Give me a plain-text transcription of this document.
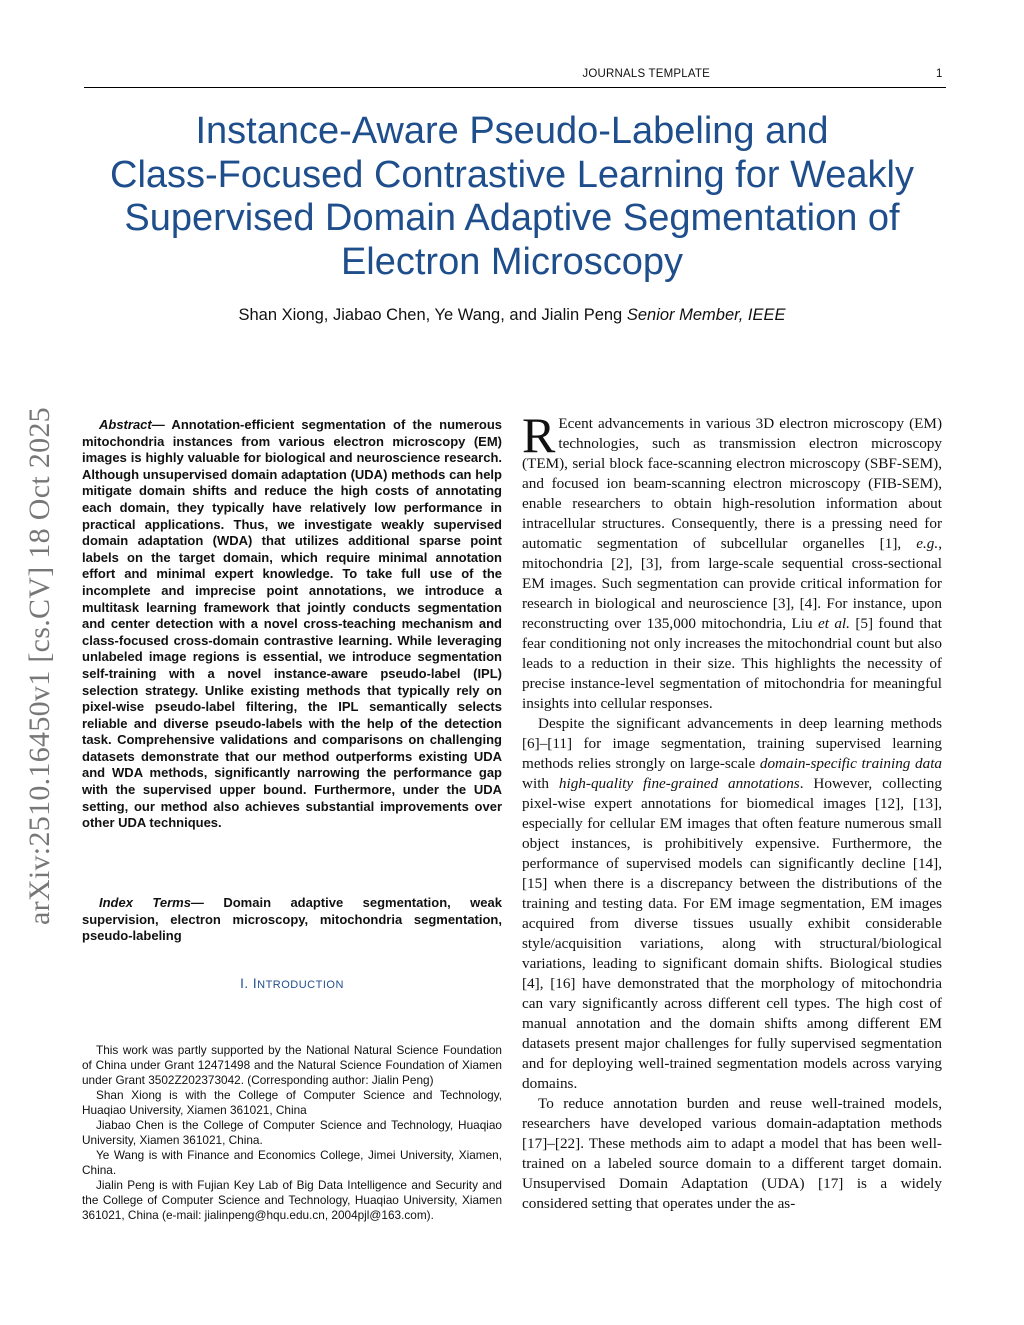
JOURNALS TEMPLATE	1
Instance-Aware Pseudo-Labeling and
Class-Focused Contrastive Learning for Weakly
Supervised Domain Adaptive Segmentation of
Electron Microscopy
Shan Xiong, Jiabao Chen, Ye Wang, and Jialin Peng Senior Member, IEEE
arXiv:2510.16450v1 [cs.CV] 18 Oct 2025	Abstract— Annotation-efficient segmentation of the numerous mitochondria instances from various electron microscopy (EM) images is highly valuable for biological and neuroscience research. Although unsupervised domain adaptation (UDA) methods can help mitigate domain shifts and reduce the high costs of annotating each domain, they typically have relatively low performance in practical applications. Thus, we investigate weakly supervised domain adaptation (WDA) that utilizes additional sparse point labels on the target domain, which require minimal annotation effort and minimal expert knowledge. To take full use of the incomplete and imprecise point annotations, we introduce a multitask learning framework that jointly conducts segmentation and center detection with a novel cross-teaching mechanism and class-focused cross-domain contrastive learning. While leveraging unlabeled image regions is essential, we introduce segmentation self-training with a novel instance-aware pseudo-label (IPL) selection strategy. Unlike existing methods that typically rely on pixel-wise pseudo-label filtering, the IPL semantically selects reliable and diverse pseudo-labels with the help of the detection task. Comprehensive validations and comparisons on challenging datasets demonstrate that our method outperforms existing UDA and WDA methods, significantly narrowing the performance gap with the supervised upper bound. Furthermore, under the UDA setting, our method also achieves substantial improvements over other UDA techniques.

Index Terms— Domain adaptive segmentation, weak supervision, electron microscopy, mitochondria segmentation, pseudo-labeling

I. INTRODUCTION

This work was partly supported by the National Natural Science Foundation of China under Grant 12471498 and the Natural Science Foundation of Xiamen under Grant 3502Z202373042. (Corresponding author: Jialin Peng)

Shan Xiong is with the College of Computer Science and Technology, Huaqiao University, Xiamen 361021, China

Jiabao Chen is the College of Computer Science and Technology, Huaqiao University, Xiamen 361021, China.

Ye Wang is with Finance and Economics College, Jimei University, Xiamen, China.

Jialin Peng is with Fujian Key Lab of Big Data Intelligence and Security and the College of Computer Science and Technology, Huaqiao University, Xiamen 361021, China (e-mail: jialinpeng@hqu.edu.cn, 2004pjl@163.com).

R Ecent advancements in various 3D electron microscopy (EM) technologies, such as transmission electron microscopy (TEM), serial block face-scanning electron microscopy (SBF-SEM), and focused ion beam-scanning electron microscopy (FIB-SEM), enable researchers to obtain high-resolution information about intracellular structures. Consequently, there is a pressing need for automatic segmentation of subcellular organelles [1], e.g., mitochondria [2], [3], from large-scale sequential cross-sectional EM images. Such segmentation can provide critical information for research in biological and neuroscience [3], [4]. For instance, upon reconstructing over 135,000 mitochondria, Liu et al. [5] found that fear conditioning not only increases the mitochondrial count but also leads to a reduction in their size. This highlights the necessity of precise instance-level segmentation of mitochondria for meaningful insights into cellular responses.

Despite the significant advancements in deep learning methods [6]–[11] for image segmentation, training supervised learning methods relies strongly on large-scale domain-specific training data with high-quality fine-grained annotations. However, collecting pixel-wise expert annotations for biomedical images [12], [13], especially for cellular EM images that often feature numerous small object instances, is prohibitively expensive. Furthermore, the performance of supervised models can significantly decline [14], [15] when there is a discrepancy between the distributions of the training and testing data. For EM image segmentation, EM images acquired from diverse tissues usually exhibit considerable style/acquisition variations, along with structural/biological variations, leading to significant domain shifts. Biological studies [4], [16] have demonstrated that the morphology of mitochondria can vary significantly across different cell types. The high cost of manual annotation and the domain shifts among different EM datasets present major challenges for fully supervised segmentation and for deploying well-trained segmentation models across varying domains.

To reduce annotation burden and reuse well-trained models, researchers have developed various domain-adaptation methods [17]–[22]. These methods aim to adapt a model that has been well-trained on a labeled source domain to a different target domain. Unsupervised Domain Adaptation (UDA) [17] is a widely considered setting that operates under the as-
